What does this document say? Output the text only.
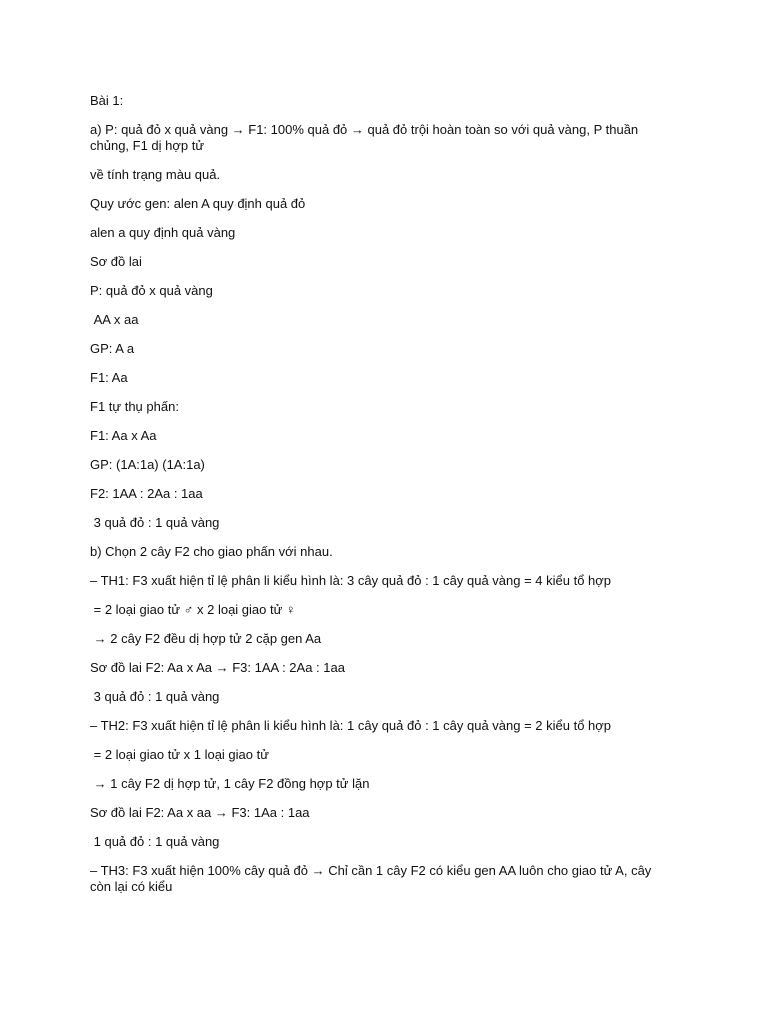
Bài 1:

a) P: quả đỏ x quả vàng → F1: 100% quả đỏ → quả đỏ trội hoàn toàn so với quả vàng, P thuần chủng, F1 dị hợp tử

về tính trạng màu quả.

Quy ước gen: alen A quy định quả đỏ

alen a quy định quả vàng

Sơ đồ lai

P: quả đỏ x quả vàng

AA x aa

GP: A a

F1: Aa

F1 tự thụ phấn:

F1: Aa x Aa

GP: (1A:1a) (1A:1a)

F2: 1AA : 2Aa : 1aa

3 quả đỏ : 1 quả vàng

b) Chọn 2 cây F2 cho giao phấn với nhau.

– TH1: F3 xuất hiện tỉ lệ phân li kiểu hình là: 3 cây quả đỏ : 1 cây quả vàng = 4 kiểu tổ hợp

= 2 loại giao tử ♂ x 2 loại giao tử ♀

→ 2 cây F2 đều dị hợp tử 2 cặp gen Aa

Sơ đồ lai F2: Aa x Aa → F3: 1AA : 2Aa : 1aa

3 quả đỏ : 1 quả vàng

– TH2: F3 xuất hiện tỉ lệ phân li kiểu hình là: 1 cây quả đỏ : 1 cây quả vàng = 2 kiểu tổ hợp

= 2 loại giao tử x 1 loại giao tử

→ 1 cây F2 dị hợp tử, 1 cây F2 đồng hợp tử lặn

Sơ đồ lai F2: Aa x aa → F3: 1Aa : 1aa

1 quả đỏ : 1 quả vàng

– TH3: F3 xuất hiện 100% cây quả đỏ → Chỉ cần 1 cây F2 có kiểu gen AA luôn cho giao tử A, cây còn lại có kiểu
